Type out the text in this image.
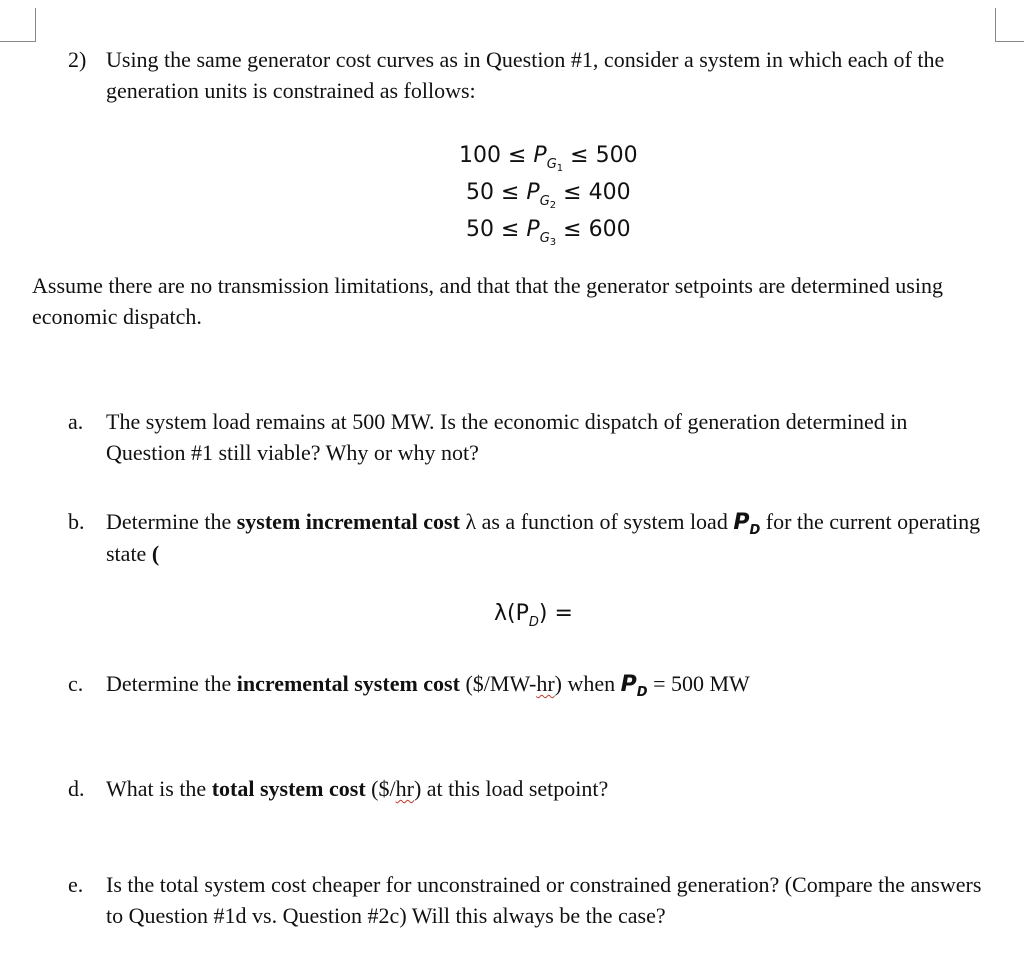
2) Using the same generator cost curves as in Question #1, consider a system in which each of the generation units is constrained as follows:
$100 \le P_{G_1} \le 500$
$50 \le P_{G_2} \le 400$
$50 \le P_{G_3} \le 600$
Assume there are no transmission limitations, and that that the generator setpoints are determined using economic dispatch.
a. The system load remains at 500 MW. Is the economic dispatch of generation determined in Question #1 still viable? Why or why not?
b. Determine the system incremental cost λ as a function of system load $P_D$ for the current operating state (
$\lambda(P_D)$ =
c. Determine the incremental system cost ($/MW-hr) when $P_D = 500$ MW
d. What is the total system cost ($/hr) at this load setpoint?
e. Is the total system cost cheaper for unconstrained or constrained generation? (Compare the answers to Question #1d vs. Question #2c) Will this always be the case?
